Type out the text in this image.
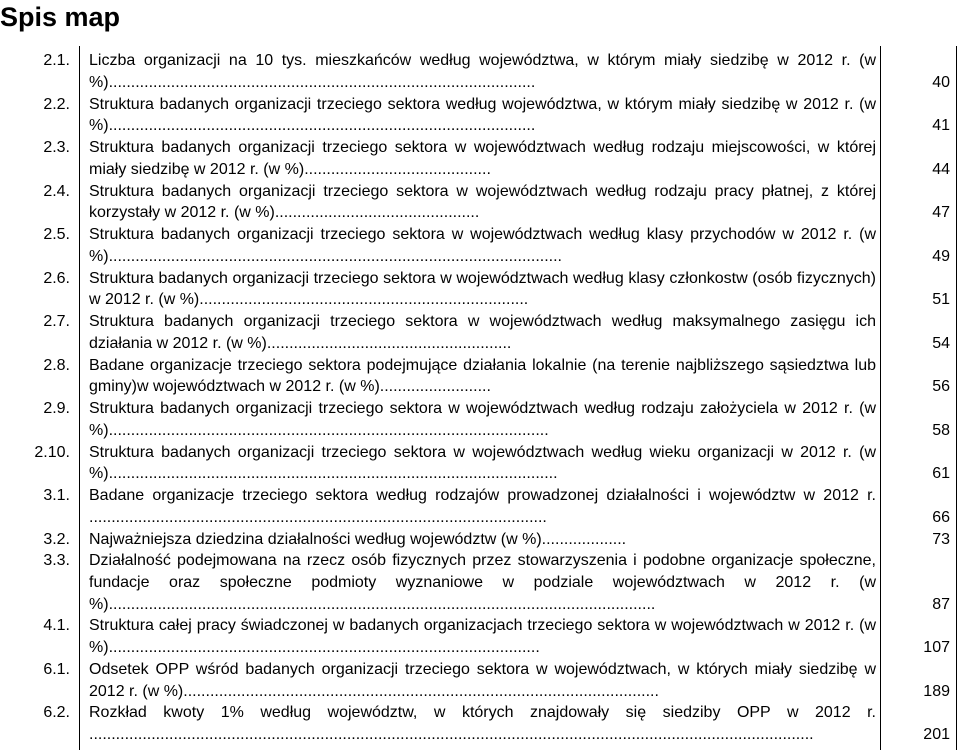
Spis map
2.1. Liczba organizacji na 10 tys. mieszkańców według województwa, w którym miały siedzibę w 2012 r. (w %)................................................................................................	40
2.2. Struktura badanych organizacji trzeciego sektora według województwa, w którym miały siedzibę w 2012 r. (w %)................................................................................................	41
2.3. Struktura badanych organizacji trzeciego sektora w województwach według rodzaju miejscowości, w której miały siedzibę w 2012 r. (w %)..........................................	44
2.4. Struktura badanych organizacji trzeciego sektora w województwach według rodzaju pracy płatnej, z której korzystały w 2012 r. (w %)..............................................	47
2.5. Struktura badanych organizacji trzeciego sektora w województwach według klasy przychodów w 2012 r. (w %)......................................................................................................	49
2.6. Struktura badanych organizacji trzeciego sektora w województwach według klasy członkostw (osób fizycznych) w 2012 r. (w %)..........................................................................	51
2.7. Struktura badanych organizacji trzeciego sektora w województwach według maksymalnego zasięgu ich działania w 2012 r. (w %).......................................................	54
2.8. Badane organizacje trzeciego sektora podejmujące działania lokalnie (na terenie najbliższego sąsiedztwa lub gminy)w województwach w 2012 r. (w %).........................	56
2.9. Struktura badanych organizacji trzeciego sektora w województwach według rodzaju założyciela w 2012 r. (w %)...................................................................................................	58
2.10. Struktura badanych organizacji trzeciego sektora w województwach według wieku organizacji w 2012 r. (w %).....................................................................................................	61
3.1. Badane organizacje trzeciego sektora według rodzajów prowadzonej działalności i województw w 2012 r. .......................................................................................................	66
3.2. Najważniejsza dziedzina działalności według województw (w %)...................	73
3.3. Działalność podejmowana na rzecz osób fizycznych przez stowarzyszenia i podobne organizacje społeczne, fundacje oraz społeczne podmioty wyznaniowe w podziale województwach w 2012 r. (w %)...........................................................................................................................	87
4.1. Struktura całej pracy świadczonej w badanych organizacjach trzeciego sektora w województwach w 2012 r. (w %).................................................................................................	107
6.1. Odsetek OPP wśród badanych organizacji trzeciego sektora w województwach, w których miały siedzibę w 2012 r. (w %)...........................................................................................................	189
6.2. Rozkład kwoty 1% według województw, w których znajdowały się siedziby OPP w 2012 r. ...................................................................................................................................................................	201
